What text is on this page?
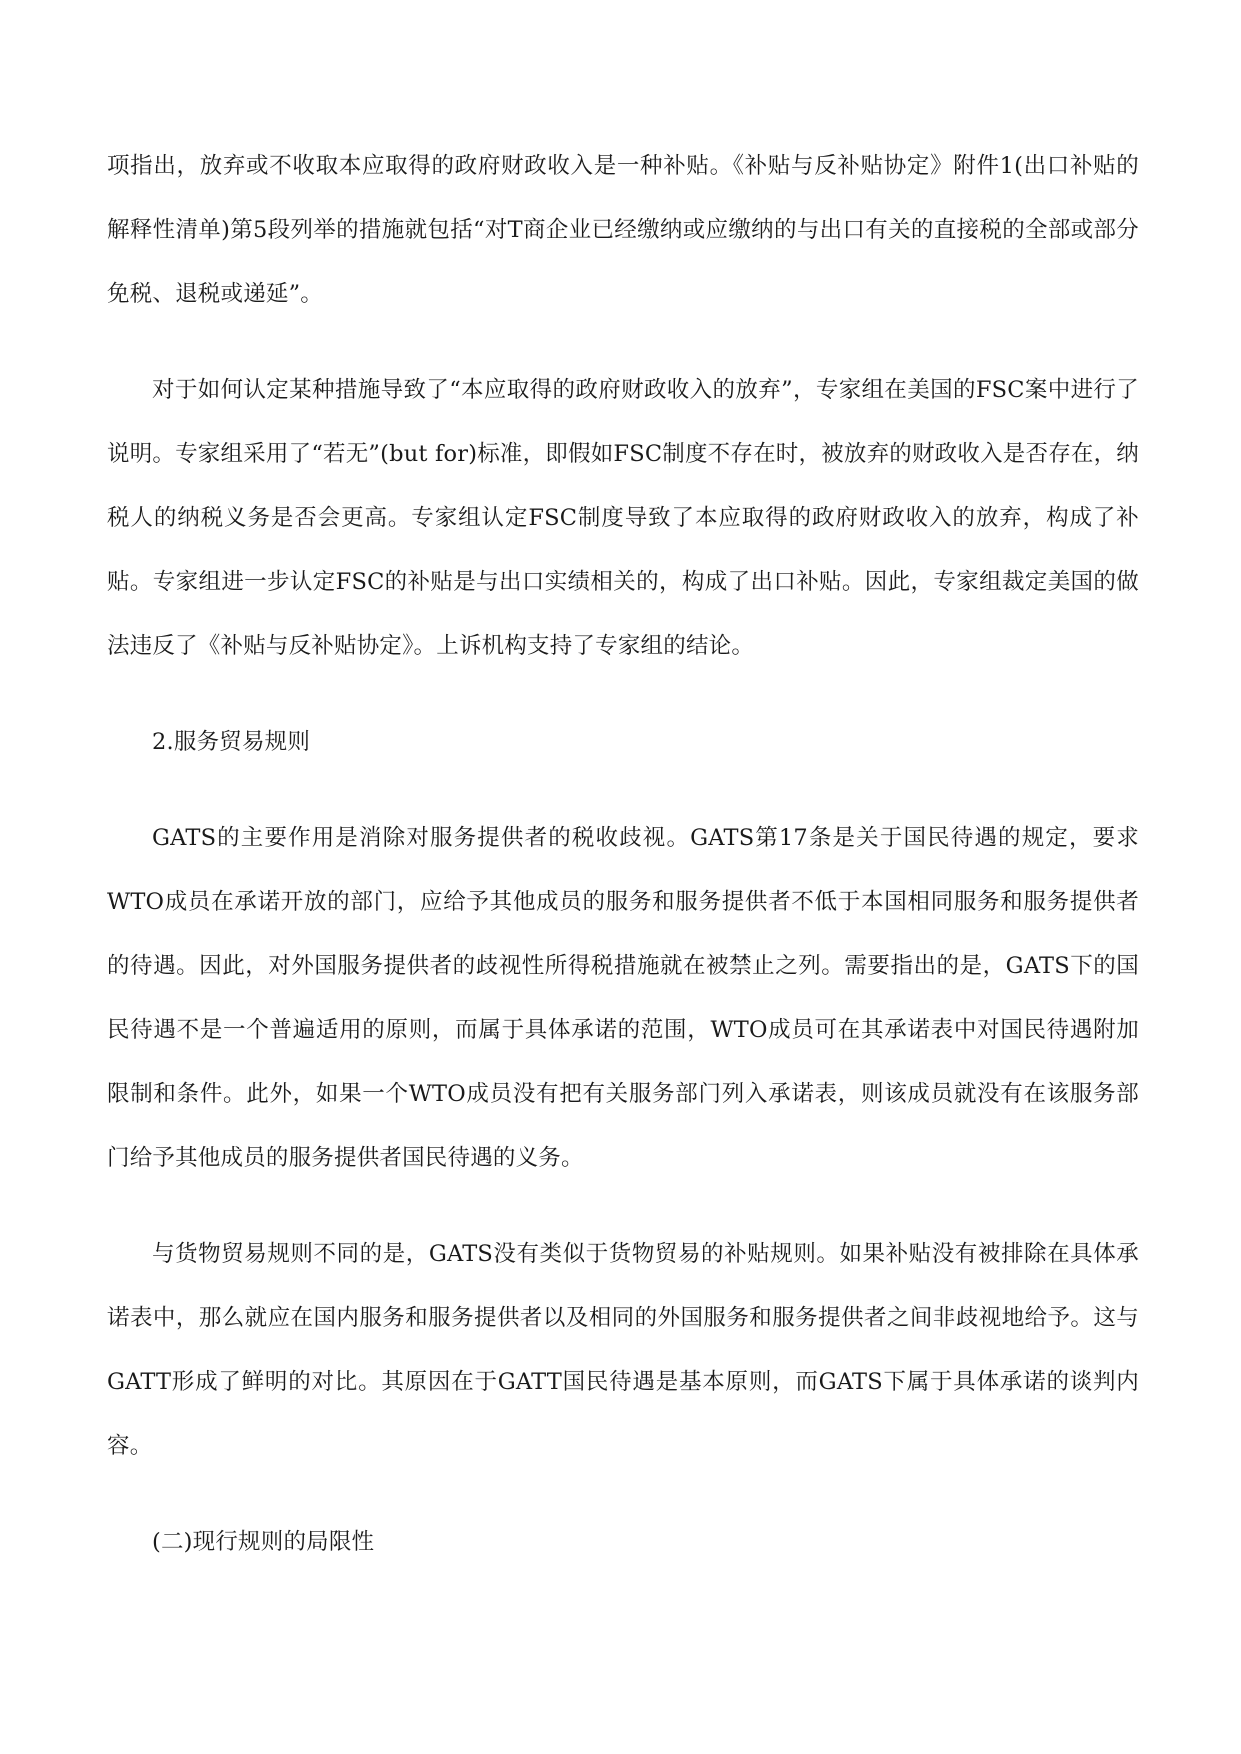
项指出，放弃或不收取本应取得的政府财政收入是一种补贴。《补贴与反补贴协定》附件1(出口补贴的解释性清单)第5段列举的措施就包括“对T商企业已经缴纳或应缴纳的与出口有关的直接税的全部或部分免税、退税或递延”。

对于如何认定某种措施导致了“本应取得的政府财政收入的放弃”，专家组在美国的FSC案中进行了说明。专家组采用了“若无”(but for)标准，即假如FSC制度不存在时，被放弃的财政收入是否存在，纳税人的纳税义务是否会更高。专家组认定FSC制度导致了本应取得的政府财政收入的放弃，构成了补贴。专家组进一步认定FSC的补贴是与出口实绩相关的，构成了出口补贴。因此，专家组裁定美国的做法违反了《补贴与反补贴协定》。上诉机构支持了专家组的结论。

2.服务贸易规则

GATS的主要作用是消除对服务提供者的税收歧视。GATS第17条是关于国民待遇的规定，要求WTO成员在承诺开放的部门，应给予其他成员的服务和服务提供者不低于本国相同服务和服务提供者的待遇。因此，对外国服务提供者的歧视性所得税措施就在被禁止之列。需要指出的是，GATS下的国民待遇不是一个普遍适用的原则，而属于具体承诺的范围，WTO成员可在其承诺表中对国民待遇附加限制和条件。此外，如果一个WTO成员没有把有关服务部门列入承诺表，则该成员就没有在该服务部门给予其他成员的服务提供者国民待遇的义务。

与货物贸易规则不同的是，GATS没有类似于货物贸易的补贴规则。如果补贴没有被排除在具体承诺表中，那么就应在国内服务和服务提供者以及相同的外国服务和服务提供者之间非歧视地给予。这与GATT形成了鲜明的对比。其原因在于GATT国民待遇是基本原则，而GATS下属于具体承诺的谈判内容。

(二)现行规则的局限性
